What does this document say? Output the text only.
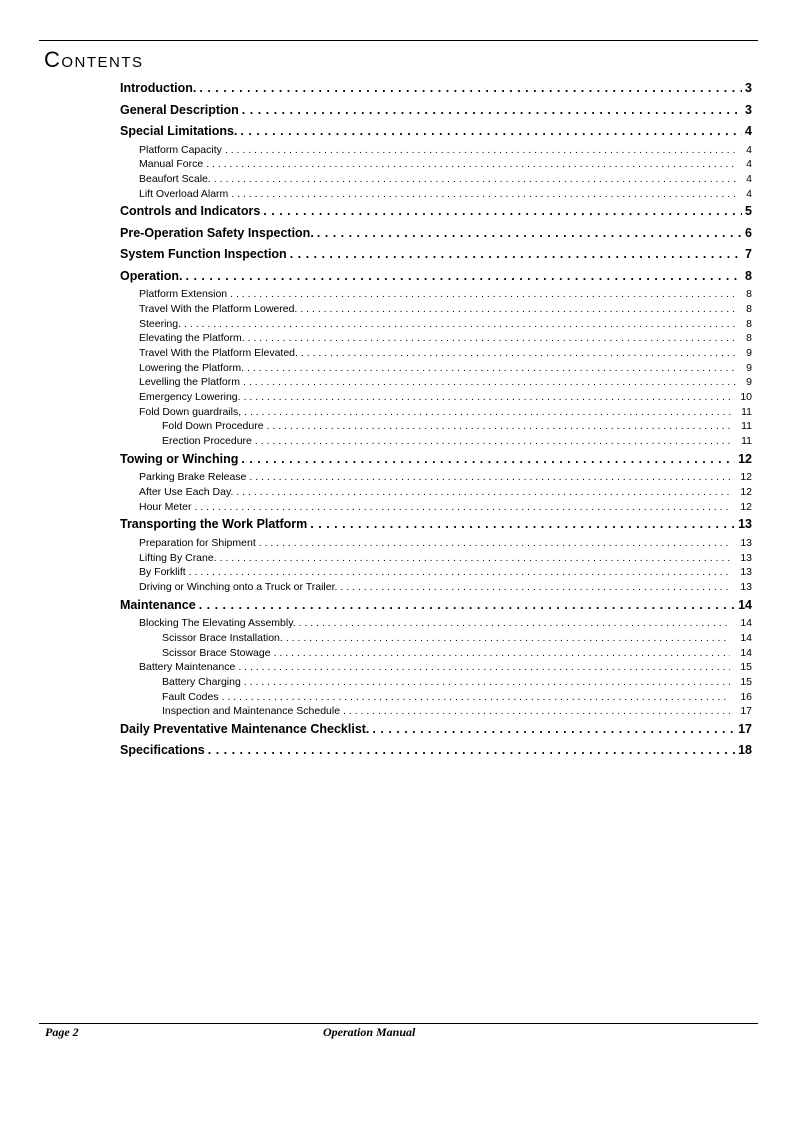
Contents
Introduction. . . .	3
General Description . . .	3
Special Limitations. . . .	4
Platform Capacity . . .	4
Manual Force . . .	4
Beaufort Scale. . . .	4
Lift Overload Alarm . . .	4
Controls and Indicators . . .	5
Pre-Operation Safety Inspection. . . .	6
System Function Inspection . . .	7
Operation. . . .	8
Platform Extension . . .	8
Travel With the Platform Lowered. . . .	8
Steering. . . .	8
Elevating the Platform. . . .	8
Travel With the Platform Elevated. . . .	9
Lowering the Platform. . . .	9
Levelling the Platform . . .	9
Emergency Lowering. . . .	10
Fold Down guardrails, . . .	11
Fold Down Procedure . . .	11
Erection Procedure . . .	11
Towing or Winching . . .	12
Parking Brake Release . . .	12
After Use Each Day. . . .	12
Hour Meter . . .	12
Transporting the Work Platform . . .	13
Preparation for Shipment . . .	13
Lifting By Crane. . . .	13
By Forklift . . .	13
Driving or Winching onto a Truck or Trailer. . . .	13
Maintenance . . .	14
Blocking The Elevating Assembly. . . .	14
Scissor Brace Installation. . . .	14
Scissor Brace Stowage . . .	14
Battery Maintenance . . .	15
Battery Charging . . .	15
Fault Codes . . .	16
Inspection and Maintenance Schedule . . .	17
Daily Preventative Maintenance Checklist. . . .	17
Specifications . . .	18
Page 2	Operation Manual
